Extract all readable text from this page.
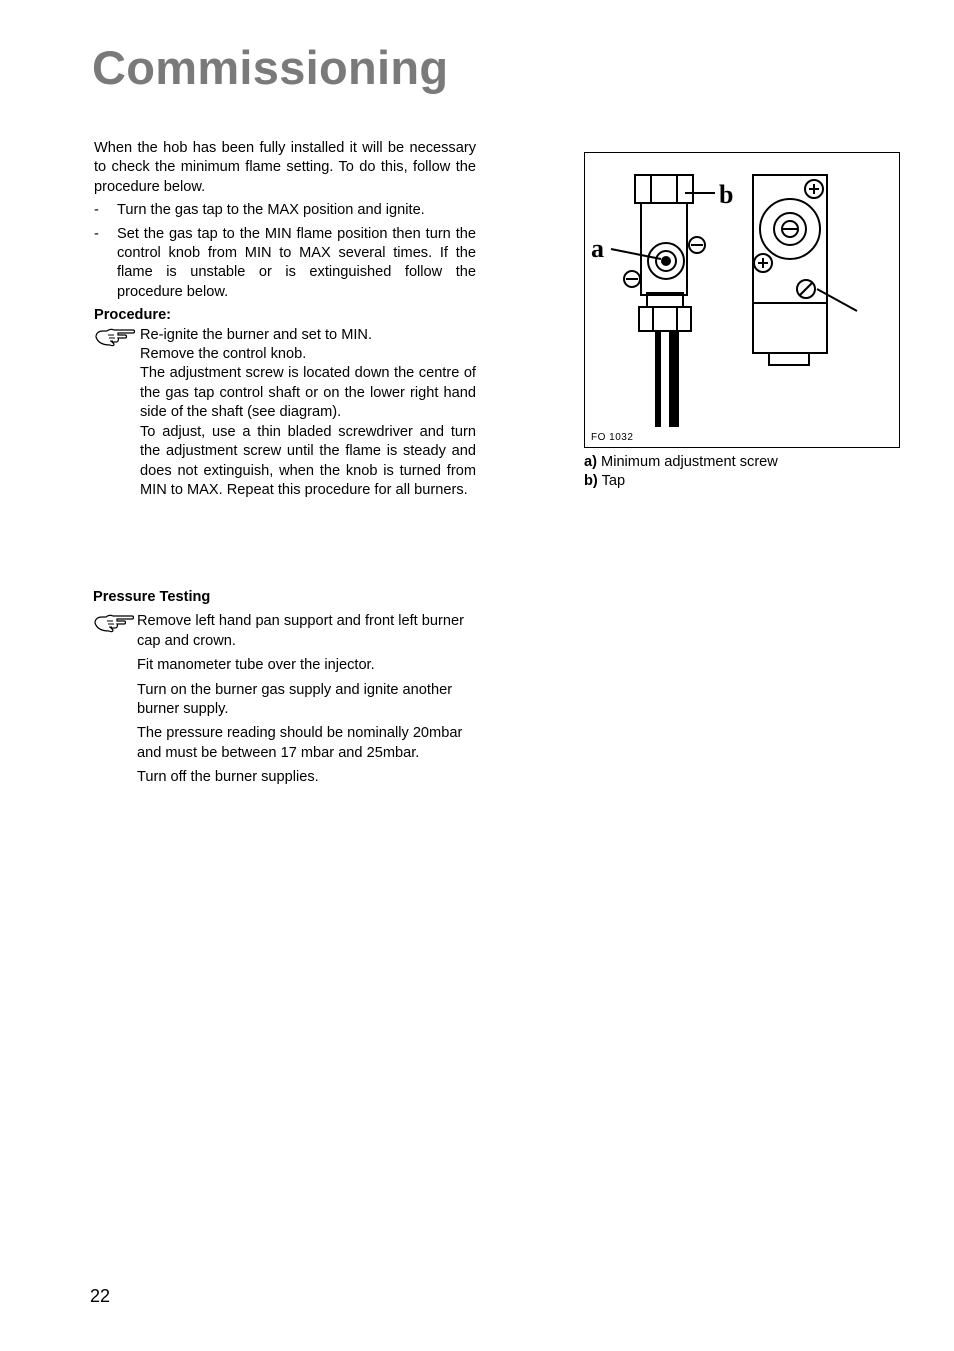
Commissioning

When the hob has been fully installed it will be necessary to check the minimum flame setting. To do this, follow the procedure below.

-	Turn the gas tap to the MAX position and ignite.
-	Set the gas tap to the MIN flame position then turn the control knob from MIN to MAX several times. If the flame is unstable or is extinguished follow the procedure below.

Procedure:

Re-ignite the burner and set to MIN.
Remove the control knob.
The adjustment screw is located down the centre of the gas tap control shaft or on the lower right hand side of the shaft (see diagram).
To adjust, use a thin bladed screwdriver and turn the adjustment screw until the flame is steady and does not extinguish, when the knob is turned from MIN to MAX. Repeat this procedure for all burners.

Pressure Testing

Remove left hand pan support and front left burner cap and crown.

Fit manometer tube over the injector.

Turn on the burner gas supply and ignite another burner supply.

The pressure reading should be nominally 20mbar and must be between 17 mbar and 25mbar.

Turn off the burner supplies.

b
a
FO 1032
a) Minimum adjustment screw
b) Tap
22
